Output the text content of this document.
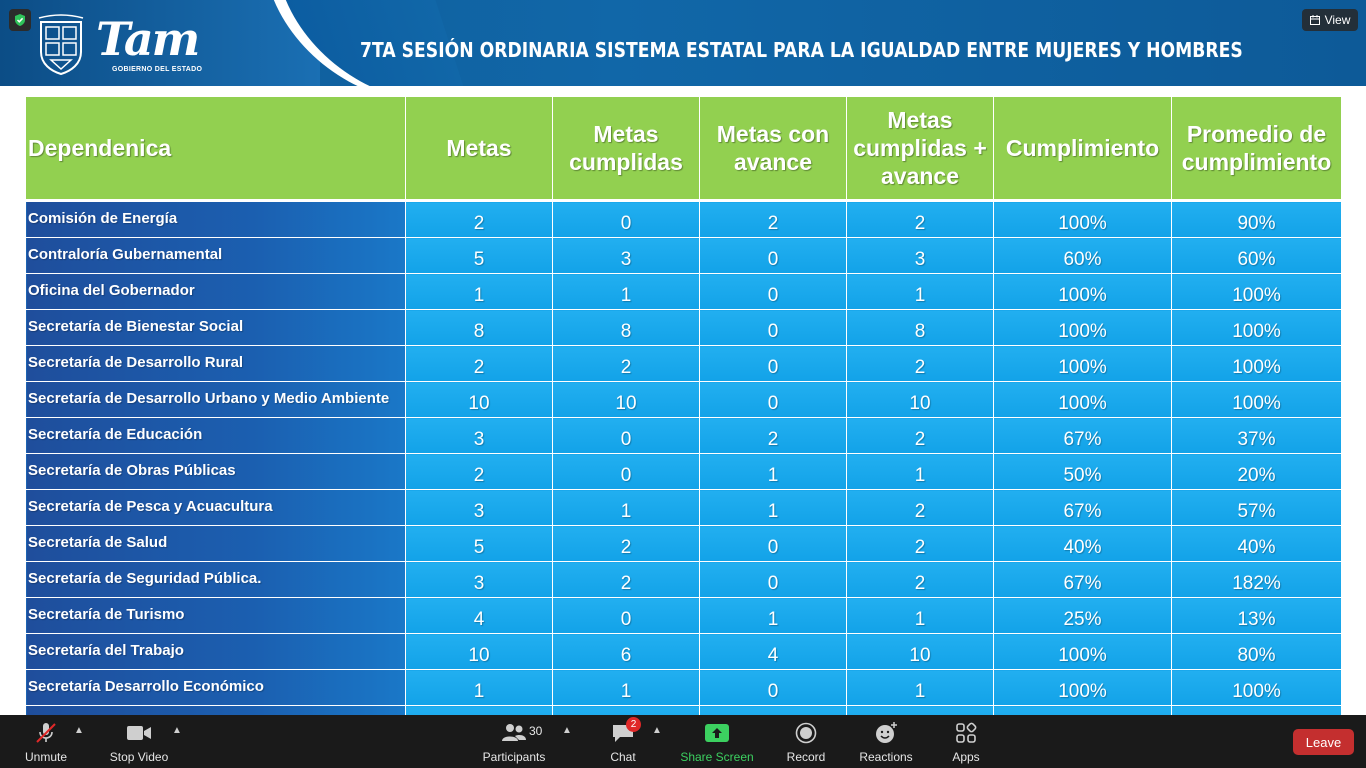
Tam
GOBIERNO DEL ESTADO
7TA SESIÓN ORDINARIA SISTEMA ESTATAL PARA LA IGUALDAD ENTRE MUJERES Y HOMBRES
View
Dependenica	Metas	Metas cumplidas	Metas con avance	Metas cumplidas + avance	Cumplimiento	Promedio de cumplimiento
Comisión de Energía	2	0	2	2	100%	90%
Contraloría Gubernamental	5	3	0	3	60%	60%
Oficina del Gobernador	1	1	0	1	100%	100%
Secretaría de Bienestar Social	8	8	0	8	100%	100%
Secretaría de Desarrollo Rural	2	2	0	2	100%	100%
Secretaría de Desarrollo Urbano y Medio Ambiente	10	10	0	10	100%	100%
Secretaría de Educación	3	0	2	2	67%	37%
Secretaría de Obras Públicas	2	0	1	1	50%	20%
Secretaría de Pesca y Acuacultura	3	1	1	2	67%	57%
Secretaría de Salud	5	2	0	2	40%	40%
Secretaría de Seguridad Pública.	3	2	0	2	67%	182%
Secretaría de Turismo	4	0	1	1	25%	13%
Secretaría del Trabajo	10	6	4	10	100%	80%
Secretaría Desarrollo Económico	1	1	0	1	100%	100%

Unmute
▲
Stop Video
▲
Participants
30 ▲
Chat
2
▲
Share Screen	Record	Reactions	Apps
Leave
